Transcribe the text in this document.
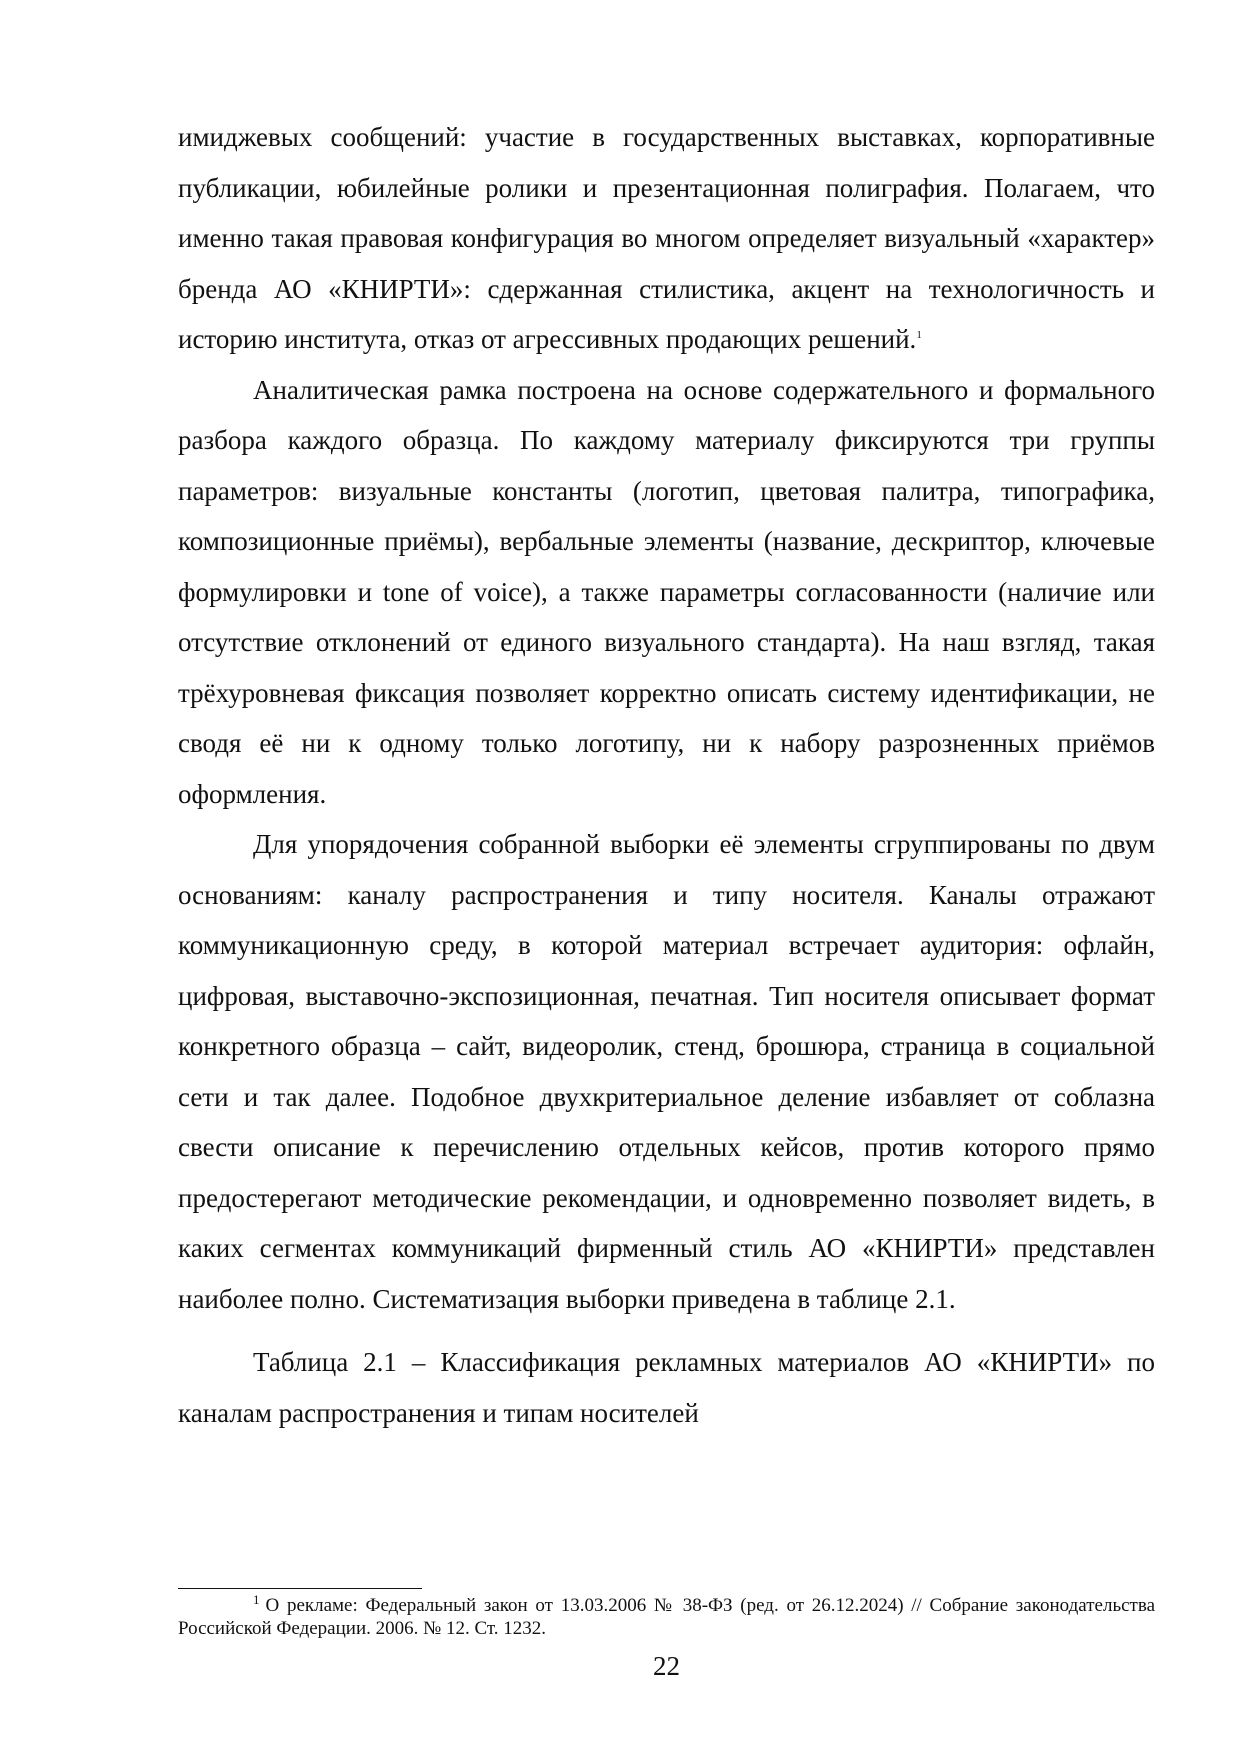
имиджевых сообщений: участие в государственных выставках, корпоративные публикации, юбилейные ролики и презентационная полиграфия. Полагаем, что именно такая правовая конфигурация во многом определяет визуальный «характер» бренда АО «КНИРТИ»: сдержанная стилистика, акцент на технологичность и историю института, отказ от агрессивных продающих решений.$^1$

Аналитическая рамка построена на основе содержательного и формального разбора каждого образца. По каждому материалу фиксируются три группы параметров: визуальные константы (логотип, цветовая палитра, типографика, композиционные приёмы), вербальные элементы (название, дескриптор, ключевые формулировки и tone of voice), а также параметры согласованности (наличие или отсутствие отклонений от единого визуального стандарта). На наш взгляд, такая трёхуровневая фиксация позволяет корректно описать систему идентификации, не сводя её ни к одному только логотипу, ни к набору разрозненных приёмов оформления.

Для упорядочения собранной выборки её элементы сгруппированы по двум основаниям: каналу распространения и типу носителя. Каналы отражают коммуникационную среду, в которой материал встречает аудитория: офлайн, цифровая, выставочно-экспозиционная, печатная. Тип носителя описывает формат конкретного образца – сайт, видеоролик, стенд, брошюра, страница в социальной сети и так далее. Подобное двухкритериальное деление избавляет от соблазна свести описание к перечислению отдельных кейсов, против которого прямо предостерегают методические рекомендации, и одновременно позволяет видеть, в каких сегментах коммуникаций фирменный стиль АО «КНИРТИ» представлен наиболее полно. Систематизация выборки приведена в таблице 2.1.

Таблица 2.1 – Классификация рекламных материалов АО «КНИРТИ» по каналам распространения и типам носителей

$^1$ О рекламе: Федеральный закон от 13.03.2006 № 38-ФЗ (ред. от 26.12.2024) // Собрание законодательства Российской Федерации. 2006. № 12. Ст. 1232.

22
